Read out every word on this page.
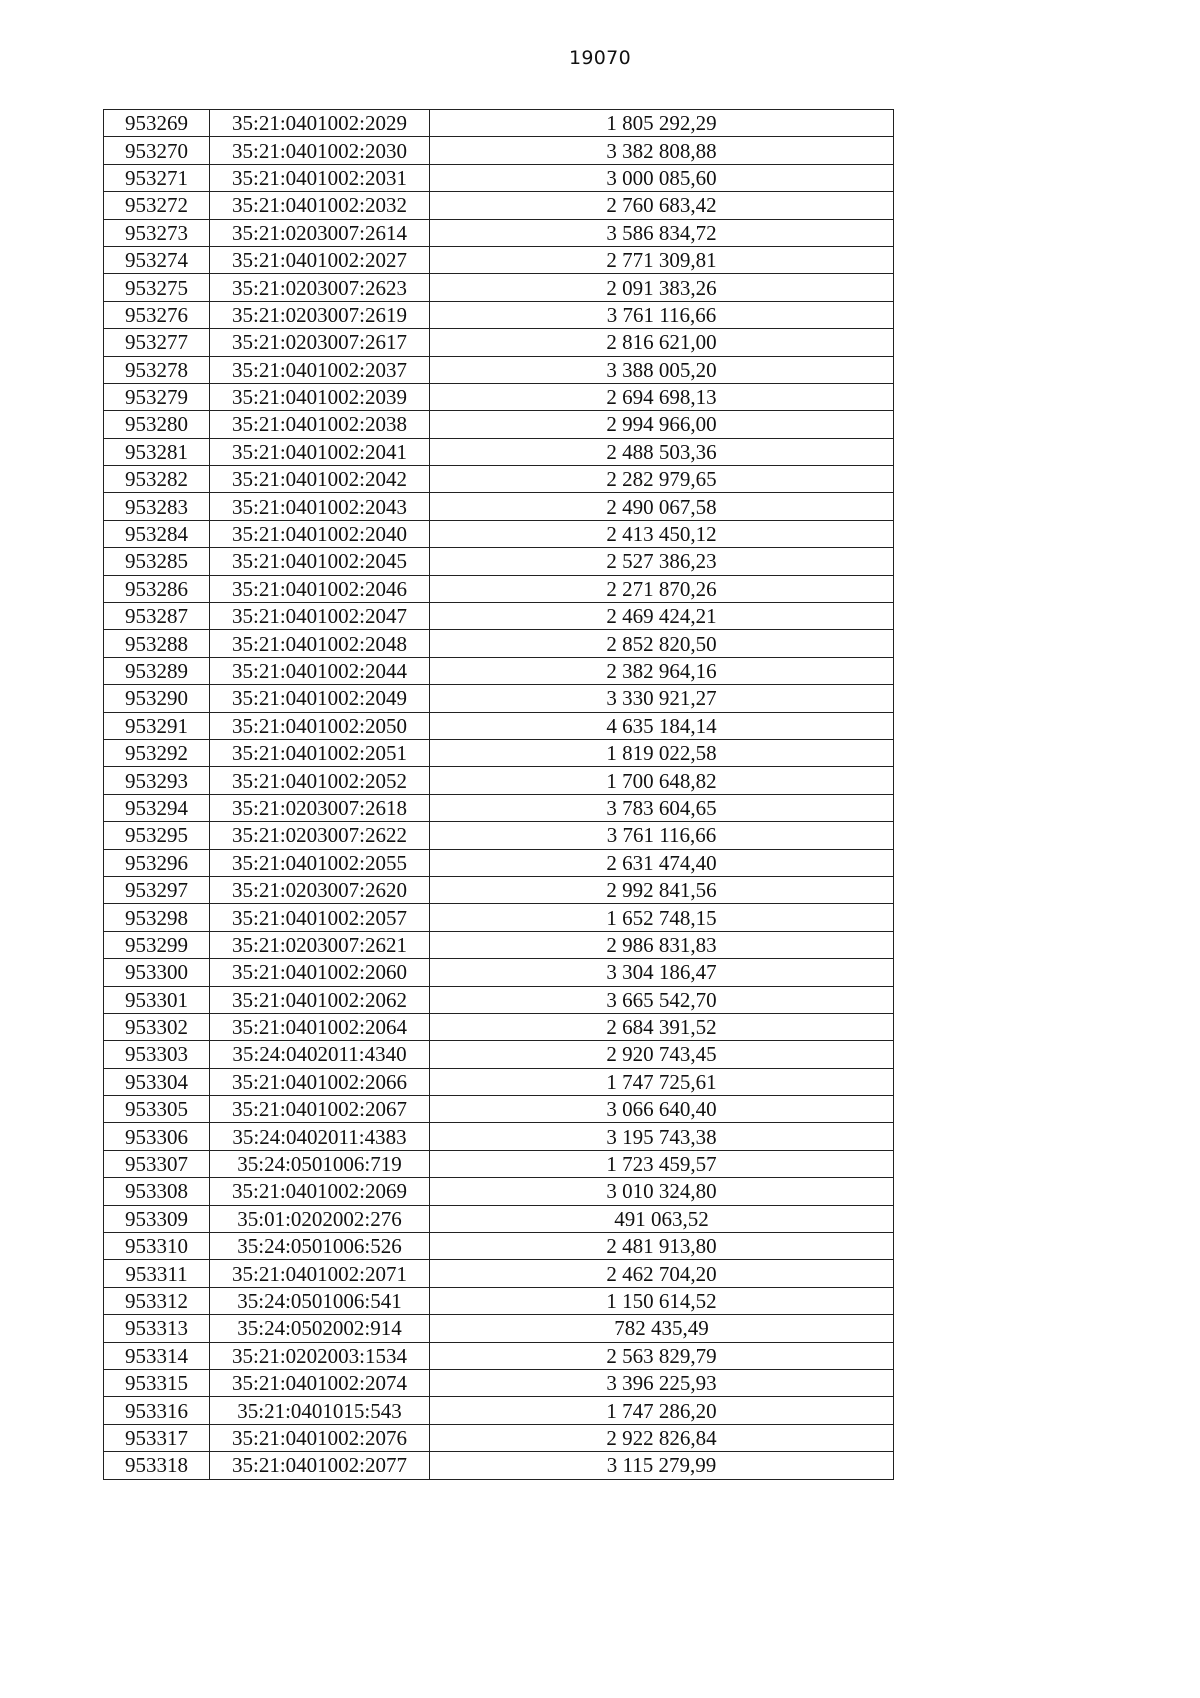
19070
953269	35:21:0401002:2029	1 805 292,29
953270	35:21:0401002:2030	3 382 808,88
953271	35:21:0401002:2031	3 000 085,60
953272	35:21:0401002:2032	2 760 683,42
953273	35:21:0203007:2614	3 586 834,72
953274	35:21:0401002:2027	2 771 309,81
953275	35:21:0203007:2623	2 091 383,26
953276	35:21:0203007:2619	3 761 116,66
953277	35:21:0203007:2617	2 816 621,00
953278	35:21:0401002:2037	3 388 005,20
953279	35:21:0401002:2039	2 694 698,13
953280	35:21:0401002:2038	2 994 966,00
953281	35:21:0401002:2041	2 488 503,36
953282	35:21:0401002:2042	2 282 979,65
953283	35:21:0401002:2043	2 490 067,58
953284	35:21:0401002:2040	2 413 450,12
953285	35:21:0401002:2045	2 527 386,23
953286	35:21:0401002:2046	2 271 870,26
953287	35:21:0401002:2047	2 469 424,21
953288	35:21:0401002:2048	2 852 820,50
953289	35:21:0401002:2044	2 382 964,16
953290	35:21:0401002:2049	3 330 921,27
953291	35:21:0401002:2050	4 635 184,14
953292	35:21:0401002:2051	1 819 022,58
953293	35:21:0401002:2052	1 700 648,82
953294	35:21:0203007:2618	3 783 604,65
953295	35:21:0203007:2622	3 761 116,66
953296	35:21:0401002:2055	2 631 474,40
953297	35:21:0203007:2620	2 992 841,56
953298	35:21:0401002:2057	1 652 748,15
953299	35:21:0203007:2621	2 986 831,83
953300	35:21:0401002:2060	3 304 186,47
953301	35:21:0401002:2062	3 665 542,70
953302	35:21:0401002:2064	2 684 391,52
953303	35:24:0402011:4340	2 920 743,45
953304	35:21:0401002:2066	1 747 725,61
953305	35:21:0401002:2067	3 066 640,40
953306	35:24:0402011:4383	3 195 743,38
953307	35:24:0501006:719	1 723 459,57
953308	35:21:0401002:2069	3 010 324,80
953309	35:01:0202002:276	491 063,52
953310	35:24:0501006:526	2 481 913,80
953311	35:21:0401002:2071	2 462 704,20
953312	35:24:0501006:541	1 150 614,52
953313	35:24:0502002:914	782 435,49
953314	35:21:0202003:1534	2 563 829,79
953315	35:21:0401002:2074	3 396 225,93
953316	35:21:0401015:543	1 747 286,20
953317	35:21:0401002:2076	2 922 826,84
953318	35:21:0401002:2077	3 115 279,99
